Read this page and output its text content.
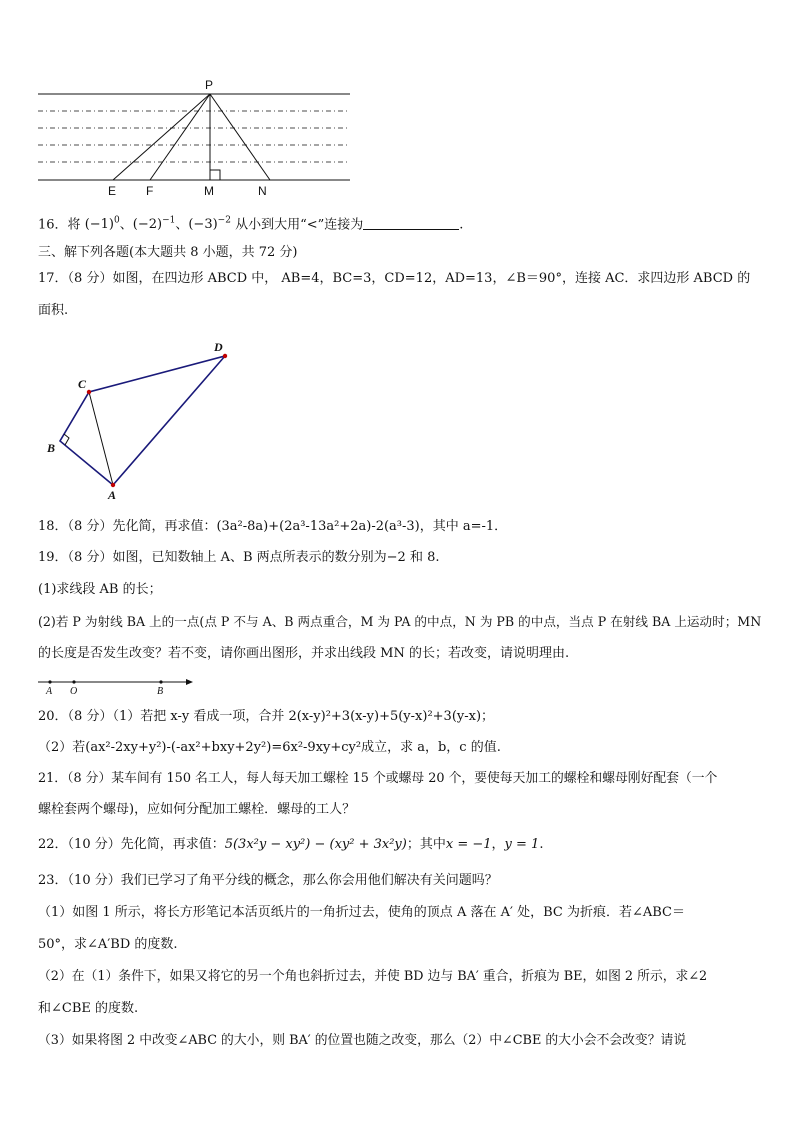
P
E F	M	N
16．将 $(-1)^0$、$(-2)^{-1}$、$(-3)^{-2}$ 从小到大用“<”连接为	.
三、解下列各题(本大题共 8 小题，共 72 分)
17．（8 分）如图，在四边形 ABCD 中， AB=4，BC=3，CD=12，AD=13，∠B＝90°，连接 AC．求四边形 ABCD 的
面积.
A
B
C
D
18．（8 分）先化简，再求值：(3a²-8a)+(2a³-13a²+2a)-2(a³-3)，其中 a=-1．
19．（8 分）如图，已知数轴上 A、B 两点所表示的数分别为−2 和 8.
(1)求线段 AB 的长；
(2)若 P 为射线 BA 上的一点(点 P 不与 A、B 两点重合，M 为 PA 的中点，N 为 PB 的中点，当点 P 在射线 BA 上运动时；MN
的长度是否发生改变？若不变，请你画出图形，并求出线段 MN 的长；若改变，请说明理由.
A O	B
20．（8 分）（1）若把 x-y 看成一项，合并 2(x-y)²+3(x-y)+5(y-x)²+3(y-x)；
（2）若(ax²-2xy+y²)-(-ax²+bxy+2y²)=6x²-9xy+cy²成立，求 a，b，c 的值.
21．（8 分）某车间有 150 名工人，每人每天加工螺栓 15 个或螺母 20 个，要使每天加工的螺栓和螺母刚好配套（一个
螺栓套两个螺母)，应如何分配加工螺栓．螺母的工人？
22．（10 分）先化简，再求值：5(3x²y − xy²) − (xy² + 3x²y)；其中x = −1，y = 1.
23．（10 分）我们已学习了角平分线的概念，那么你会用他们解决有关问题吗？
（1）如图 1 所示，将长方形笔记本活页纸片的一角折过去，使角的顶点 A 落在 A′ 处，BC 为折痕．若∠ABC＝
50°，求∠A′BD 的度数.
（2）在（1）条件下，如果又将它的另一个角也斜折过去，并使 BD 边与 BA′ 重合，折痕为 BE，如图 2 所示，求∠2
和∠CBE 的度数.
（3）如果将图 2 中改变∠ABC 的大小，则 BA′ 的位置也随之改变，那么（2）中∠CBE 的大小会不会改变？请说
